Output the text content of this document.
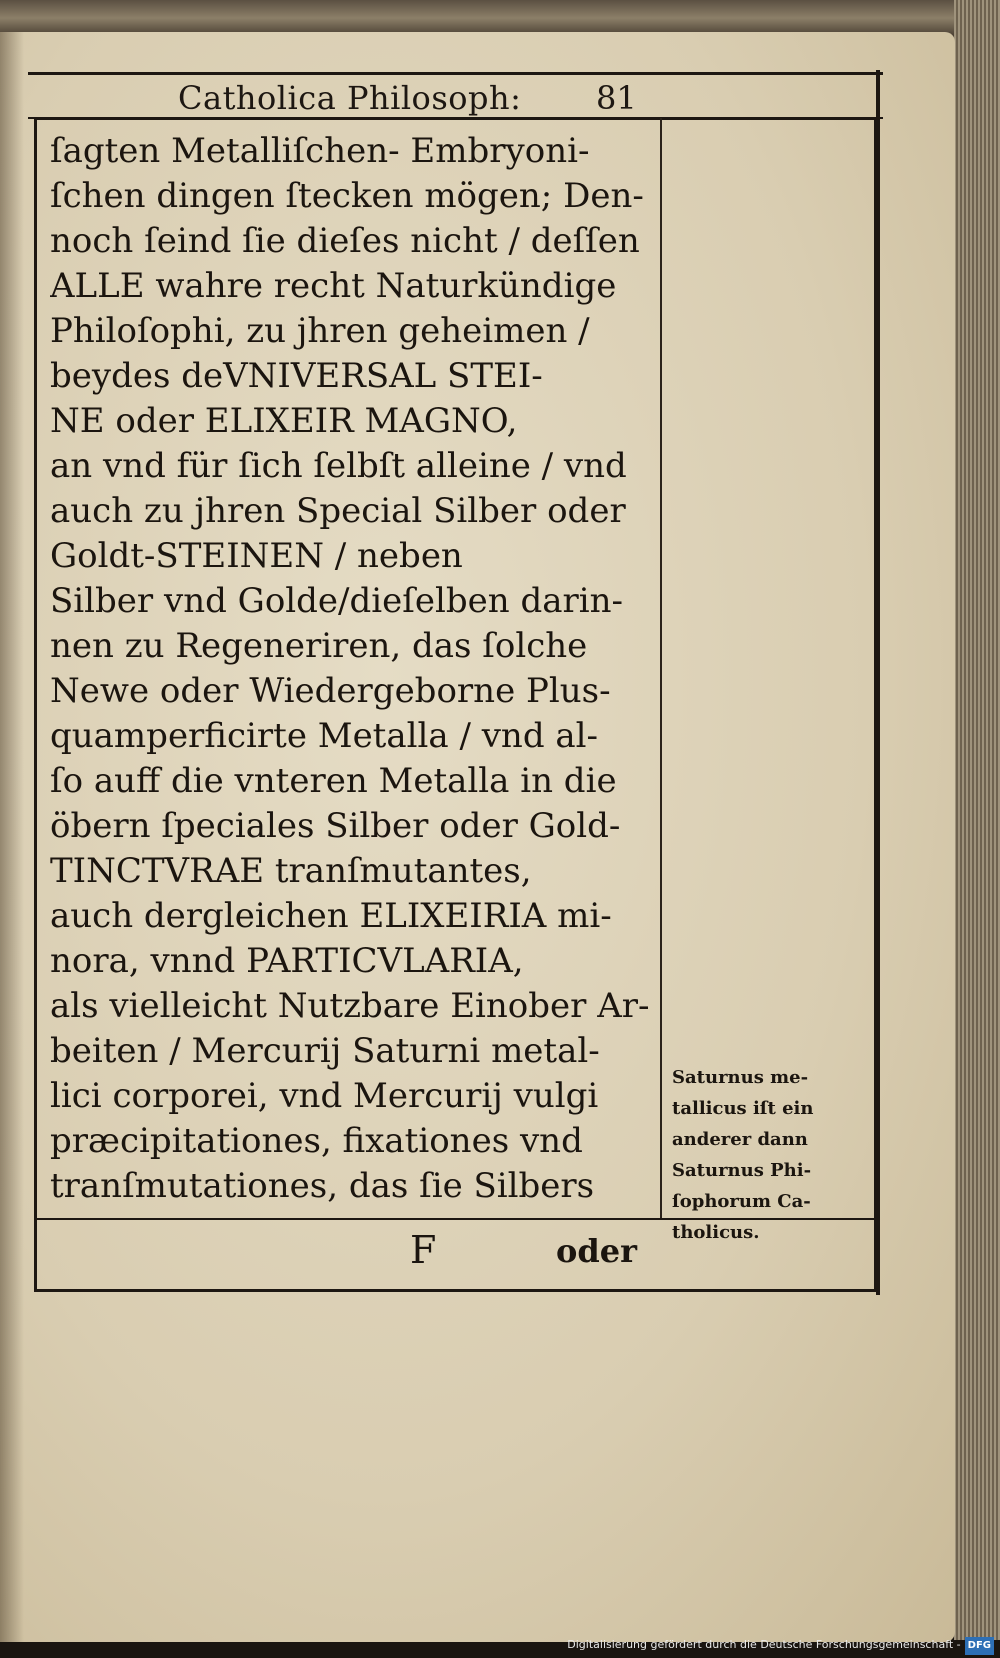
Catholica Philosoph: 81
ſagten Metalliſchen- Embryoni-
ſchen dingen ſtecken mögen; Den-
noch ſeind ſie dieſes nicht / deſſen
ALLE wahre recht Naturkündige
Philoſophi, zu jhren geheimen /
beydes deVNIVERSAL STEI-
NE oder ELIXEIR MAGNO,
an vnd für ſich ſelbſt alleine / vnd
auch zu jhren Special Silber oder
Goldt-STEINEN / neben
Silber vnd Golde/dieſelben darin-
nen zu Regeneriren, das ſolche
Newe oder Wiedergeborne Plus-
quamperficirte Metalla / vnd al-
ſo auff die vnteren Metalla in die
öbern ſpeciales Silber oder Gold-
TINCTVRAE tranſmutantes,
auch dergleichen ELIXEIRIA mi-
nora, vnnd PARTICVLARIA,
als vielleicht Nutzbare Einober Ar-
beiten / Mercurij Saturni metal-
lici corporei, vnd Mercurij vulgi
præcipitationes, fixationes vnd
tranſmutationes, das ſie Silbers
Saturnus me-
tallicus iſt ein
anderer dann
Saturnus Phi-
ſophorum Ca-
tholicus.
F	oder
Digitalisierung gefördert durch die Deutsche Forschungsgemeinschaft - DFG
